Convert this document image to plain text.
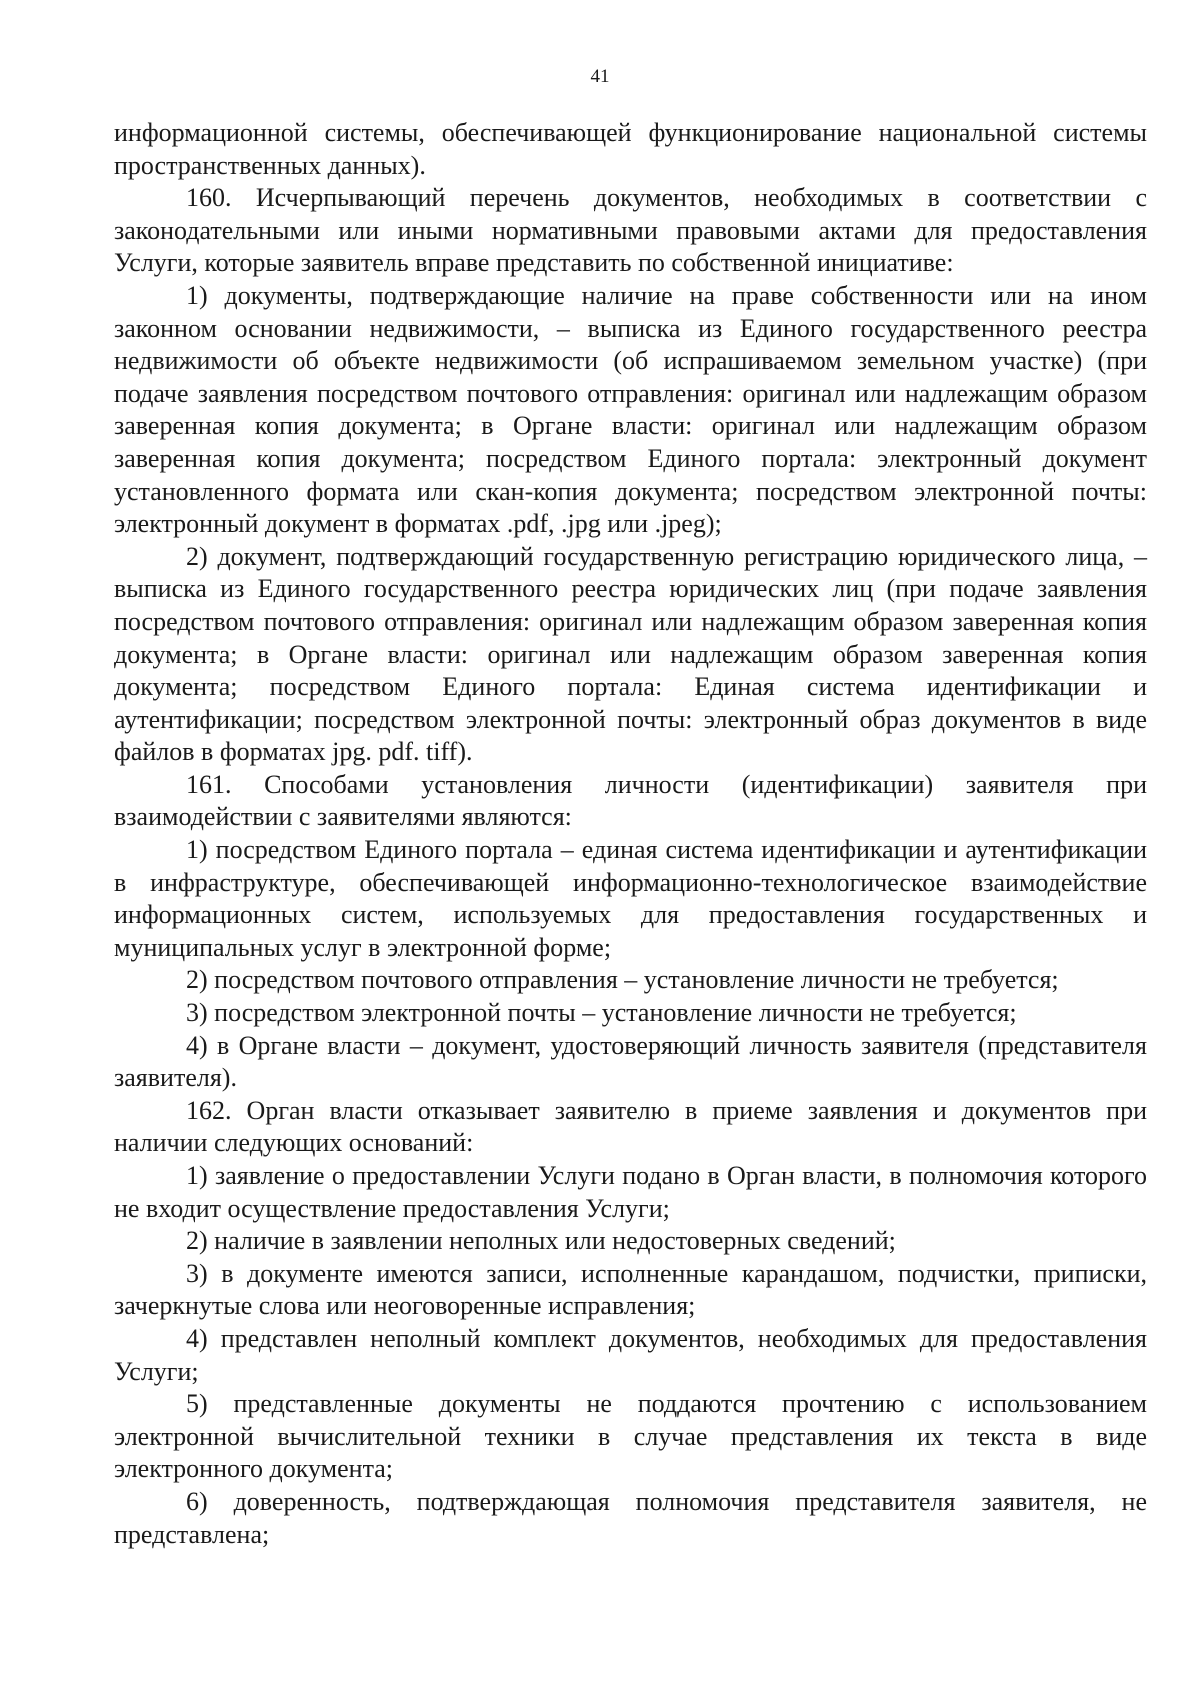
41

информационной системы, обеспечивающей функционирование национальной системы пространственных данных).

160. Исчерпывающий перечень документов, необходимых в соответствии с законодательными или иными нормативными правовыми актами для предоставления Услуги, которые заявитель вправе представить по собственной инициативе:

1) документы, подтверждающие наличие на праве собственности или на ином законном основании недвижимости, – выписка из Единого государственного реестра недвижимости об объекте недвижимости (об испрашиваемом земельном участке) (при подаче заявления посредством почтового отправления: оригинал или надлежащим образом заверенная копия документа; в Органе власти: оригинал или надлежащим образом заверенная копия документа; посредством Единого портала: электронный документ установленного формата или скан-копия документа; посредством электронной почты: электронный документ в форматах .pdf, .jpg или .jpeg);

2) документ, подтверждающий государственную регистрацию юридического лица, – выписка из Единого государственного реестра юридических лиц (при подаче заявления посредством почтового отправления: оригинал или надлежащим образом заверенная копия документа; в Органе власти: оригинал или надлежащим образом заверенная копия документа; посредством Единого портала: Единая система идентификации и аутентификации; посредством электронной почты: электронный образ документов в виде файлов в форматах jpg. pdf. tiff).

161. Способами установления личности (идентификации) заявителя при взаимодействии с заявителями являются:

1) посредством Единого портала – единая система идентификации и аутентификации в инфраструктуре, обеспечивающей информационно-технологическое взаимодействие информационных систем, используемых для предоставления государственных и муниципальных услуг в электронной форме;

2) посредством почтового отправления – установление личности не требуется;

3) посредством электронной почты – установление личности не требуется;

4) в Органе власти – документ, удостоверяющий личность заявителя (представителя заявителя).

162. Орган власти отказывает заявителю в приеме заявления и документов при наличии следующих оснований:

1) заявление о предоставлении Услуги подано в Орган власти, в полномочия которого не входит осуществление предоставления Услуги;

2) наличие в заявлении неполных или недостоверных сведений;

3) в документе имеются записи, исполненные карандашом, подчистки, приписки, зачеркнутые слова или неоговоренные исправления;

4) представлен неполный комплект документов, необходимых для предоставления Услуги;

5) представленные документы не поддаются прочтению с использованием электронной вычислительной техники в случае представления их текста в виде электронного документа;

6) доверенность, подтверждающая полномочия представителя заявителя, не представлена;
